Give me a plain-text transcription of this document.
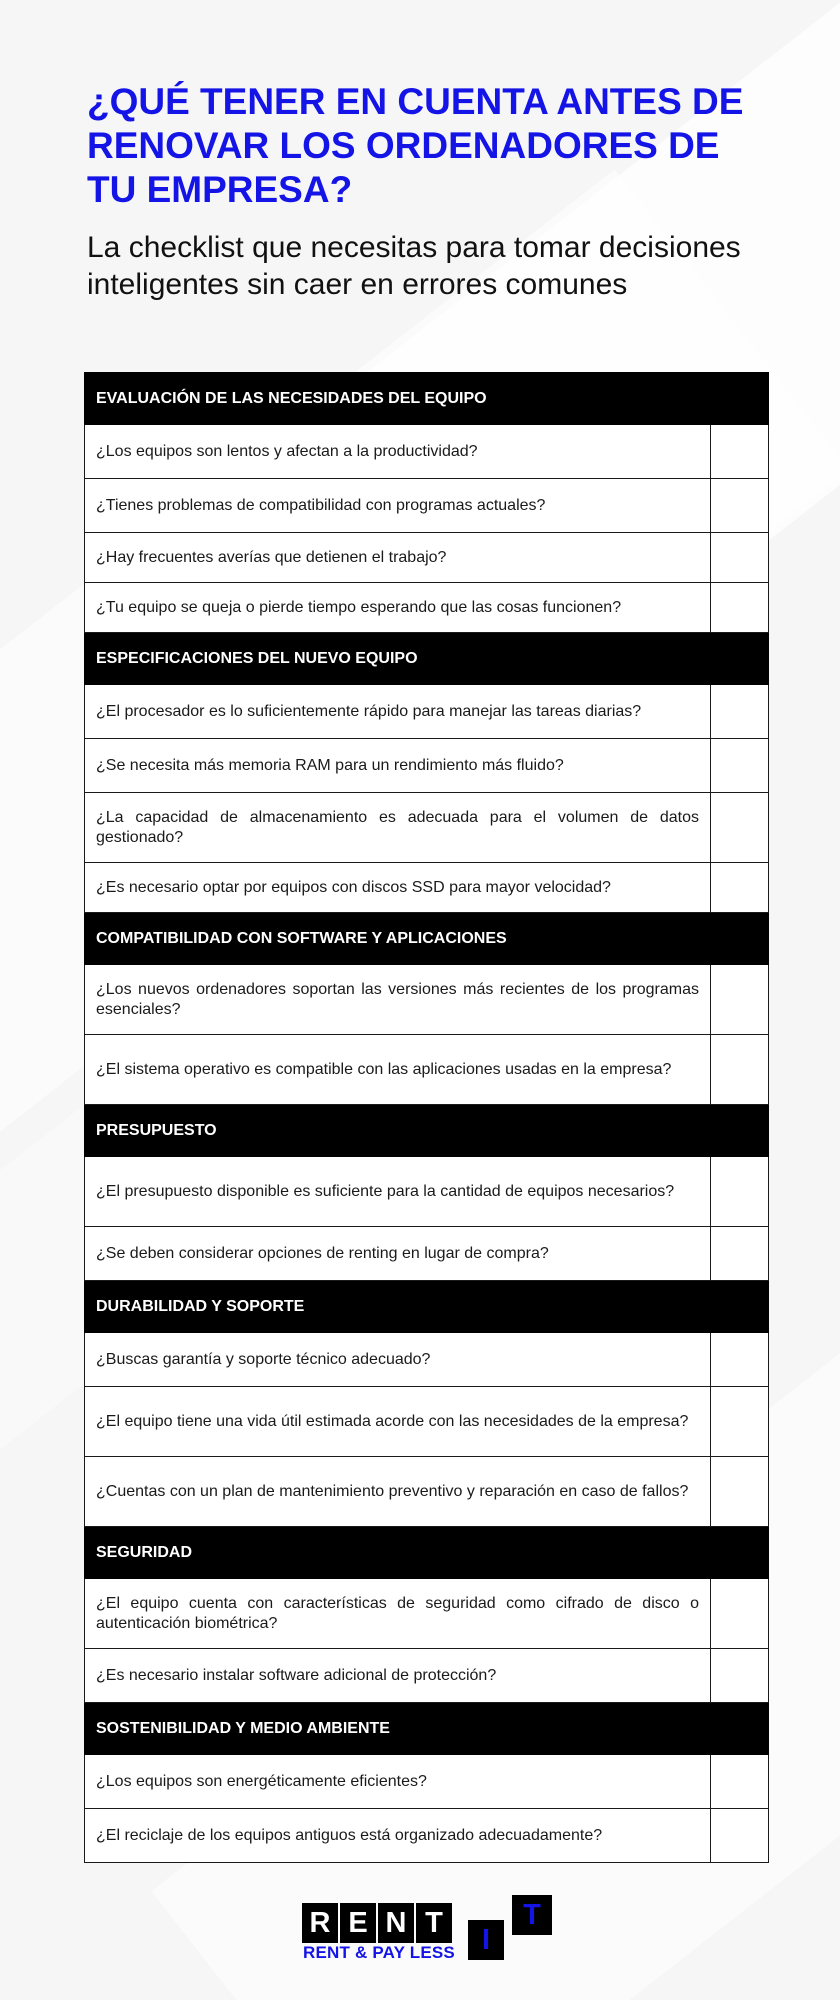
¿QUÉ TENER EN CUENTA ANTES DE RENOVAR LOS ORDENADORES DE TU EMPRESA?
La checklist que necesitas para tomar decisiones inteligentes sin caer en errores comunes
EVALUACIÓN DE LAS NECESIDADES DEL EQUIPO	
¿Los equipos son lentos y afectan a la productividad?	
¿Tienes problemas de compatibilidad con programas actuales?	
¿Hay frecuentes averías que detienen el trabajo?	
¿Tu equipo se queja o pierde tiempo esperando que las cosas funcionen?	
ESPECIFICACIONES DEL NUEVO EQUIPO	
¿El procesador es lo suficientemente rápido para manejar las tareas diarias?	
¿Se necesita más memoria RAM para un rendimiento más fluido?	
¿La capacidad de almacenamiento es adecuada para el volumen de datos gestionado?	
¿Es necesario optar por equipos con discos SSD para mayor velocidad?	
COMPATIBILIDAD CON SOFTWARE Y APLICACIONES	
¿Los nuevos ordenadores soportan las versiones más recientes de los programas esenciales?	
¿El sistema operativo es compatible con las aplicaciones usadas en la empresa?	
PRESUPUESTO	
¿El presupuesto disponible es suficiente para la cantidad de equipos necesarios?	
¿Se deben considerar opciones de renting en lugar de compra?	
DURABILIDAD Y SOPORTE	
¿Buscas garantía y soporte técnico adecuado?	
¿El equipo tiene una vida útil estimada acorde con las necesidades de la empresa?	
¿Cuentas con un plan de mantenimiento preventivo y reparación en caso de fallos?	
SEGURIDAD	
¿El equipo cuenta con características de seguridad como cifrado de disco o autenticación biométrica?	
¿Es necesario instalar software adicional de protección?	
SOSTENIBILIDAD Y MEDIO AMBIENTE	
¿Los equipos son energéticamente eficientes?	
¿El reciclaje de los equipos antiguos está organizado adecuadamente?	
R E N T
I
T
RENT & PAY LESS
